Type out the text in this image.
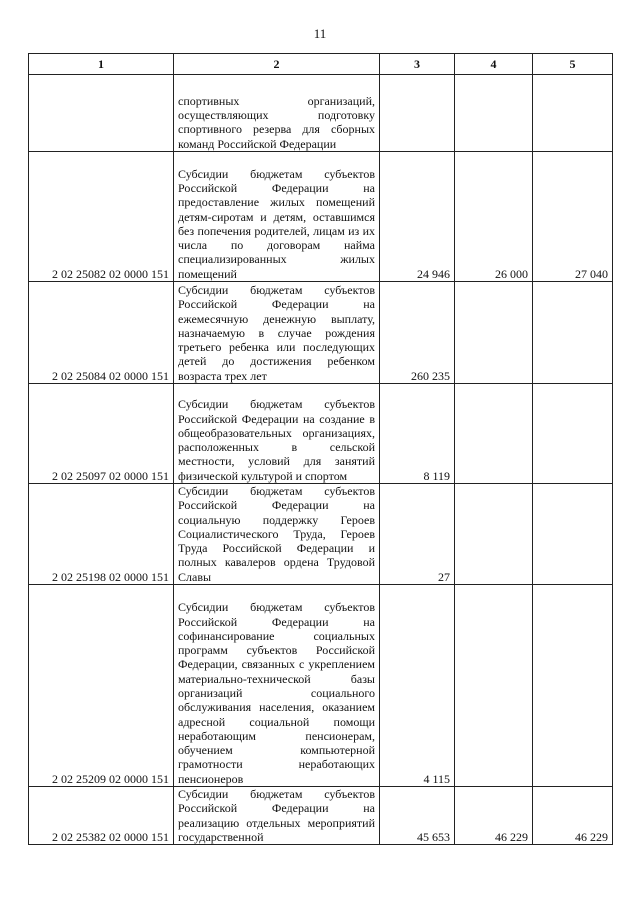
11
1	2	3	4	5
	спортивных организаций, осуществляющих подготовку спортивного резерва для сборных команд Российской Федерации			
2 02 25082 02 0000 151	Субсидии бюджетам субъектов Российской Федерации на предоставление жилых помещений детям-сиротам и детям, оставшимся без попечения родителей, лицам из их числа по договорам найма специализированных жилых помещений	24 946	26 000	27 040
2 02 25084 02 0000 151	Субсидии бюджетам субъектов Российской Федерации на ежемесячную денежную выплату, назначаемую в случае рождения третьего ребенка или последующих детей до достижения ребенком возраста трех лет	260 235		
2 02 25097 02 0000 151	Субсидии бюджетам субъектов Российской Федерации на создание в общеобразовательных организациях, расположенных в сельской местности, условий для занятий физической культурой и спортом	8 119		
2 02 25198 02 0000 151	Субсидии бюджетам субъектов Российской Федерации на социальную поддержку Героев Социалистического Труда, Героев Труда Российской Федерации и полных кавалеров ордена Трудовой Славы	27		
2 02 25209 02 0000 151	Субсидии бюджетам субъектов Российской Федерации на софинансирование социальных программ субъектов Российской Федерации, связанных с укреплением материально-технической базы организаций социального обслуживания населения, оказанием адресной социальной помощи неработающим пенсионерам, обучением компьютерной грамотности неработающих пенсионеров	4 115		
2 02 25382 02 0000 151	Субсидии бюджетам субъектов Российской Федерации на реализацию отдельных мероприятий государственной	45 653	46 229	46 229
